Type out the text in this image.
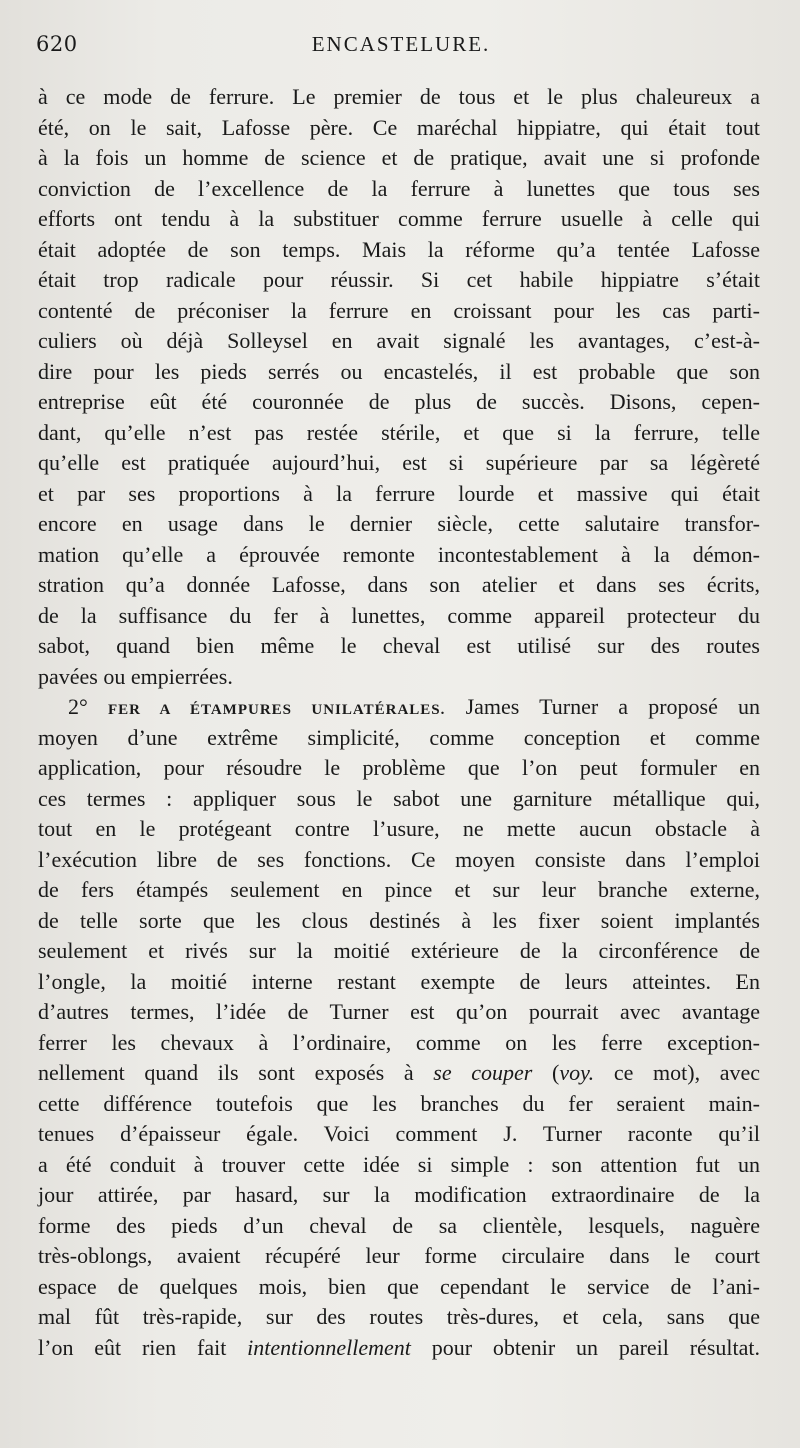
620	ENCASTELURE.
à ce mode de ferrure. Le premier de tous et le plus chaleureux a
été, on le sait, Lafosse père. Ce maréchal hippiatre, qui était tout
à la fois un homme de science et de pratique, avait une si profonde
conviction de l’excellence de la ferrure à lunettes que tous ses
efforts ont tendu à la substituer comme ferrure usuelle à celle qui
était adoptée de son temps. Mais la réforme qu’a tentée Lafosse
était trop radicale pour réussir. Si cet habile hippiatre s’était
contenté de préconiser la ferrure en croissant pour les cas parti-
culiers où déjà Solleysel en avait signalé les avantages, c’est-à-
dire pour les pieds serrés ou encastelés, il est probable que son
entreprise eût été couronnée de plus de succès. Disons, cepen-
dant, qu’elle n’est pas restée stérile, et que si la ferrure, telle
qu’elle est pratiquée aujourd’hui, est si supérieure par sa légèreté
et par ses proportions à la ferrure lourde et massive qui était
encore en usage dans le dernier siècle, cette salutaire transfor-
mation qu’elle a éprouvée remonte incontestablement à la démon-
stration qu’a donnée Lafosse, dans son atelier et dans ses écrits,
de la suffisance du fer à lunettes, comme appareil protecteur du
sabot, quand bien même le cheval est utilisé sur des routes
pavées ou empierrées.
2° FER A ÉTAMPURES UNILATÉRALES. James Turner a proposé un
moyen d’une extrême simplicité, comme conception et comme
application, pour résoudre le problème que l’on peut formuler en
ces termes : appliquer sous le sabot une garniture métallique qui,
tout en le protégeant contre l’usure, ne mette aucun obstacle à
l’exécution libre de ses fonctions. Ce moyen consiste dans l’emploi
de fers étampés seulement en pince et sur leur branche externe,
de telle sorte que les clous destinés à les fixer soient implantés
seulement et rivés sur la moitié extérieure de la circonférence de
l’ongle, la moitié interne restant exempte de leurs atteintes. En
d’autres termes, l’idée de Turner est qu’on pourrait avec avantage
ferrer les chevaux à l’ordinaire, comme on les ferre exception-
nellement quand ils sont exposés à se couper (voy. ce mot), avec
cette différence toutefois que les branches du fer seraient main-
tenues d’épaisseur égale. Voici comment J. Turner raconte qu’il
a été conduit à trouver cette idée si simple : son attention fut un
jour attirée, par hasard, sur la modification extraordinaire de la
forme des pieds d’un cheval de sa clientèle, lesquels, naguère
très-oblongs, avaient récupéré leur forme circulaire dans le court
espace de quelques mois, bien que cependant le service de l’ani-
mal fût très-rapide, sur des routes très-dures, et cela, sans que
l’on eût rien fait intentionnellement pour obtenir un pareil résultat.
